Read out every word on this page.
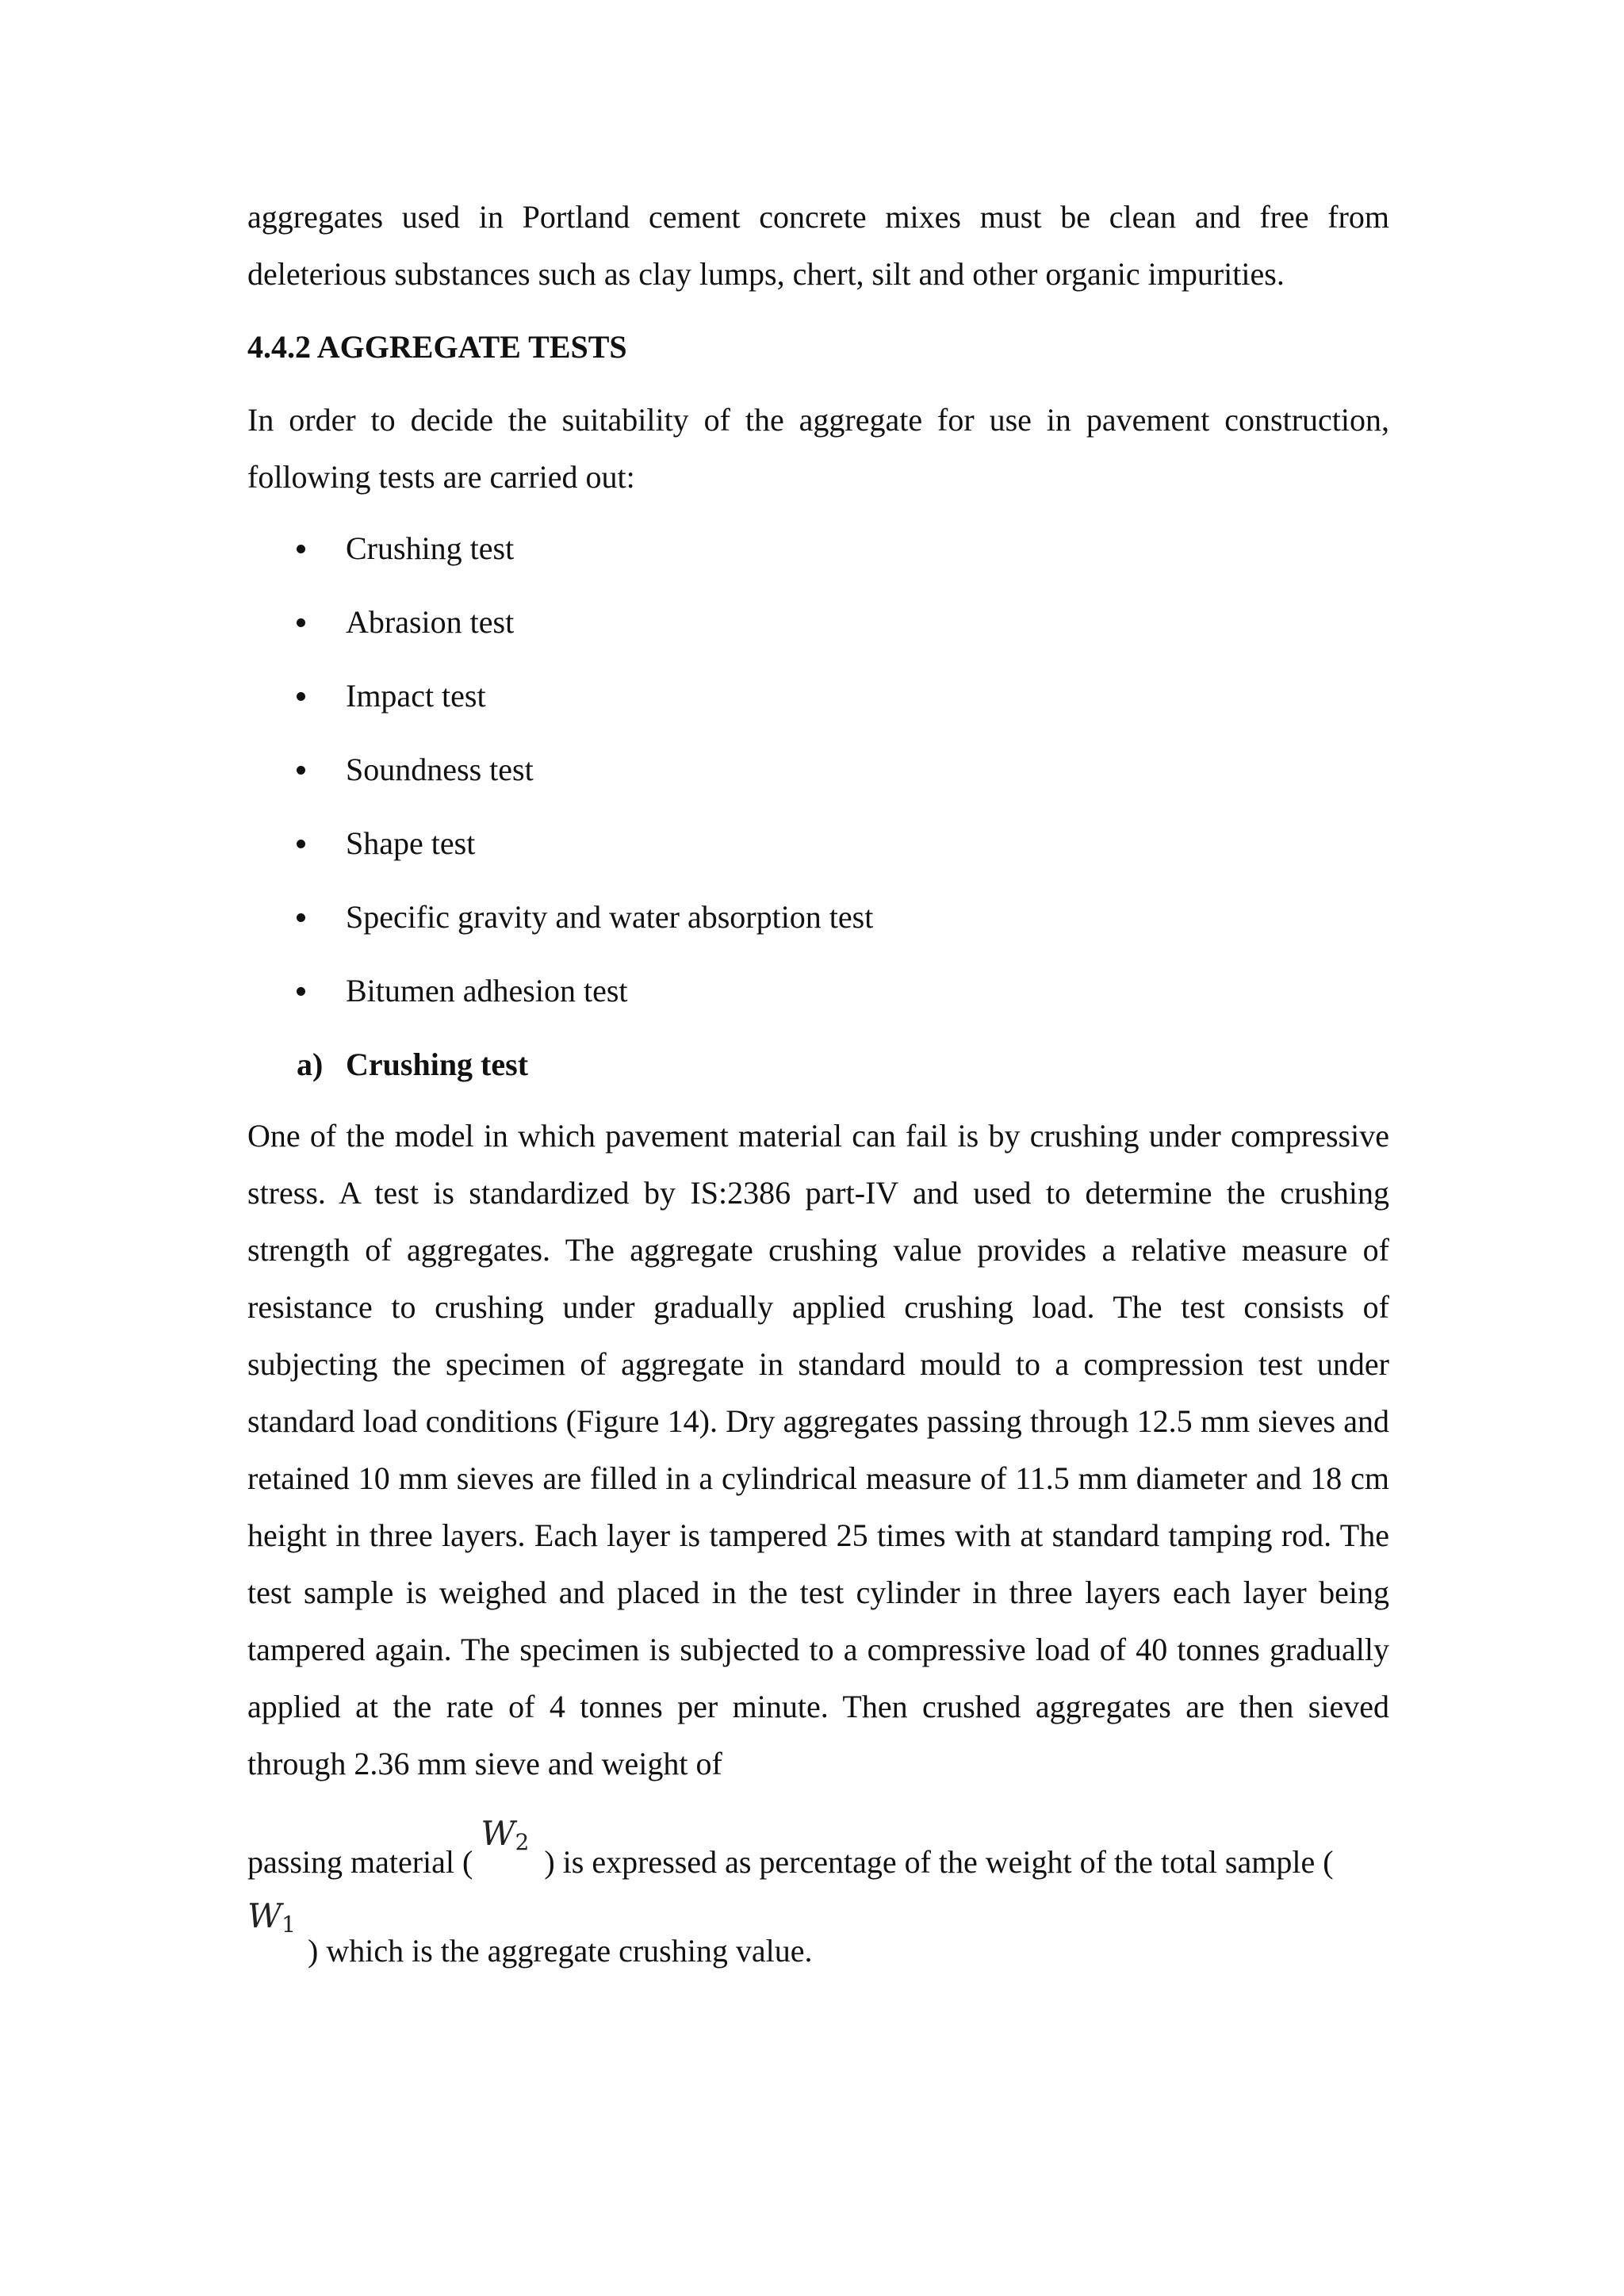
aggregates used in Portland cement concrete mixes must be clean and free from deleterious substances such as clay lumps, chert, silt and other organic impurities.

4.4.2 AGGREGATE TESTS

In order to decide the suitability of the aggregate for use in pavement construction, following tests are carried out:

Crushing test
Abrasion test
Impact test
Soundness test
Shape test
Specific gravity and water absorption test
Bitumen adhesion test
a) Crushing test

One of the model in which pavement material can fail is by crushing under compressive stress. A test is standardized by IS:2386 part-IV and used to determine the crushing strength of aggregates. The aggregate crushing value provides a relative measure of resistance to crushing under gradually applied crushing load. The test consists of subjecting the specimen of aggregate in standard mould to a compression test under standard load conditions (Figure 14). Dry aggregates passing through 12.5 mm sieves and retained 10 mm sieves are filled in a cylindrical measure of 11.5 mm diameter and 18 cm height in three layers. Each layer is tampered 25 times with at standard tamping rod. The test sample is weighed and placed in the test cylinder in three layers each layer being tampered again. The specimen is subjected to a compressive load of 40 tonnes gradually applied at the rate of 4 tonnes per minute. Then crushed aggregates are then sieved through 2.36 mm sieve and weight of

passing material (
$W_2$
) is expressed as percentage of the weight of the total sample (

$W_1$

) which is the aggregate crushing value.
